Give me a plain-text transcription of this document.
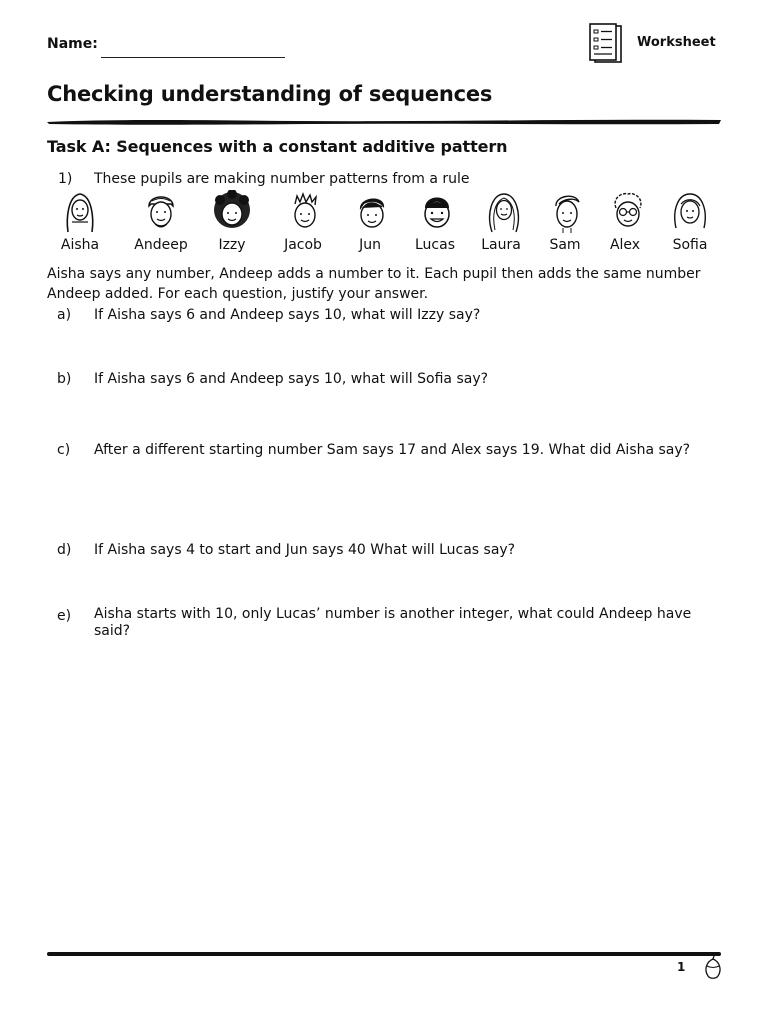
Name:	Worksheet
Checking understanding of sequences
Task A: Sequences with a constant additive pattern
1) These pupils are making number patterns from a rule
Aisha	Andeep	Izzy	Jacob	Jun	Lucas	Laura	Sam	Alex	Sofia
Aisha says any number, Andeep adds a number to it. Each pupil then adds the same number Andeep added. For each question, justify your answer.
a) If Aisha says 6 and Andeep says 10, what will Izzy say?
b) If Aisha says 6 and Andeep says 10, what will Sofia say?
c) After a different starting number Sam says 17 and Alex says 19. What did Aisha say?
d) If Aisha says 4 to start and Jun says 40 What will Lucas say?
e) Aisha starts with 10, only Lucas’ number is another integer, what could Andeep have said?
1
